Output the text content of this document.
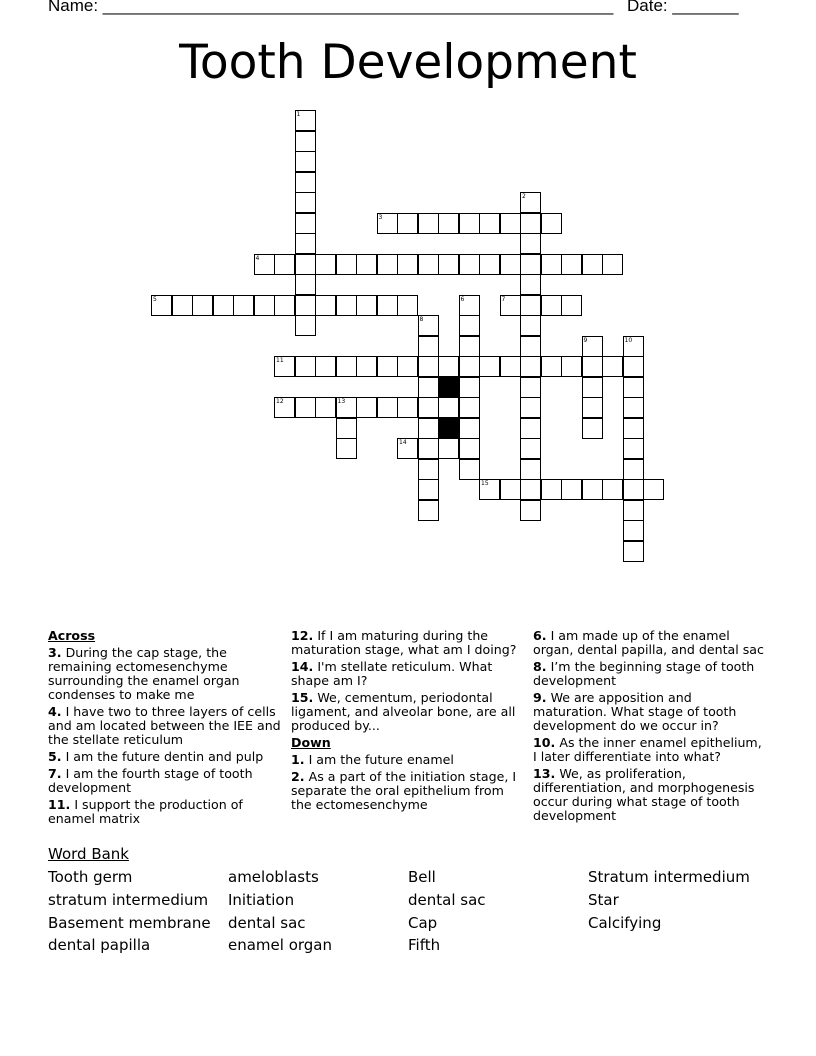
Name: ______________________________________________________ Date: _______
Tooth Development
1
2
3
4
5	6	7
8
9	10
11
12	13
14
15
Across
3. During the cap stage, the remaining ectomesenchyme surrounding the enamel organ condenses to make me
4. I have two to three layers of cells and am located between the IEE and the stellate reticulum
5. I am the future dentin and pulp
7. I am the fourth stage of tooth development
11. I support the production of enamel matrix
12. If I am maturing during the maturation stage, what am I doing?
14. I'm stellate reticulum. What shape am I?
15. We, cementum, periodontal ligament, and alveolar bone, are all produced by...
Down
1. I am the future enamel
2. As a part of the initiation stage, I separate the oral epithelium from the ectomesenchyme
6. I am made up of the enamel organ, dental papilla, and dental sac
8. I’m the beginning stage of tooth development
9. We are apposition and maturation. What stage of tooth development do we occur in?
10. As the inner enamel epithelium, I later differentiate into what?
13. We, as proliferation, differentiation, and morphogenesis occur during what stage of tooth development
Word Bank
Tooth germ
stratum intermedium
Basement membrane
dental papilla
ameloblasts
Initiation
dental sac
enamel organ
Bell
dental sac
Cap
Fifth
Stratum intermedium
Star
Calcifying
